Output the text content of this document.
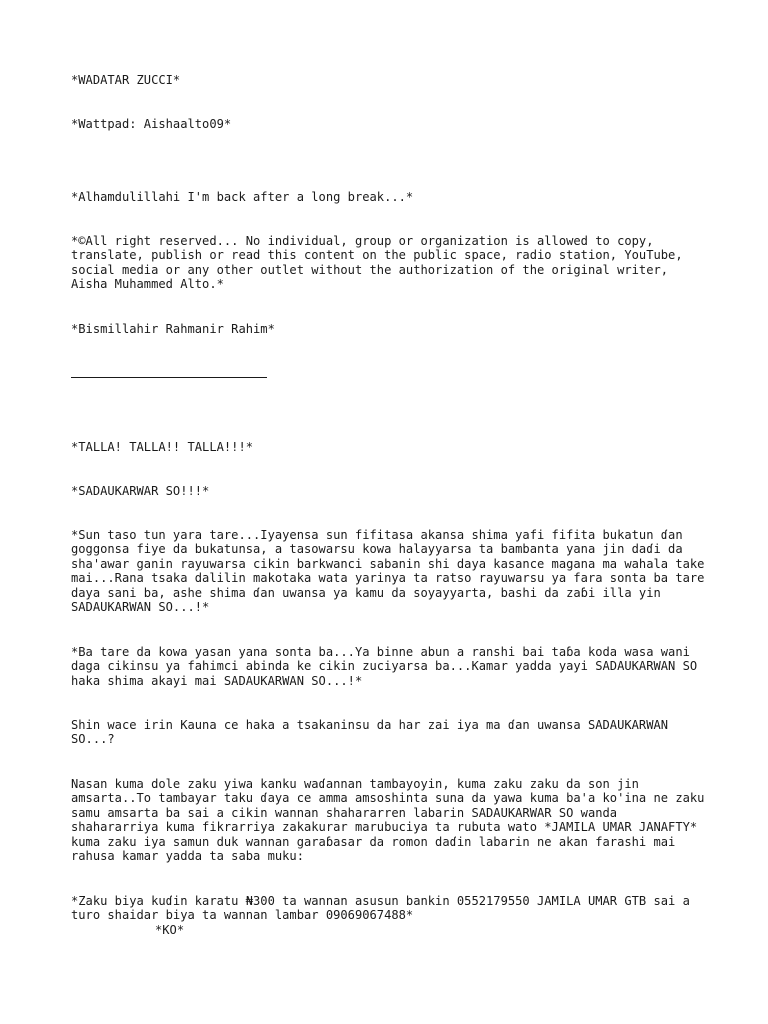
*WADATAR ZUCCI*

*Wattpad: Aishaalto09*

*Alhamdulillahi I'm back after a long break...*

*©All right reserved... No individual, group or organization is allowed to copy, translate, publish or read this content on the public space, radio station, YouTube, social media or any other outlet without the authorization of the original writer, Aisha Muhammed Alto.*

*Bismillahir Rahmanir Rahim*

*TALLA! TALLA!! TALLA!!!*

*SADAUKARWAR SO!!!*

*Sun taso tun yara tare...Iyayensa sun fifitasa akansa shima yafi fifita bukatun ɗan goggonsa fiye da bukatunsa, a tasowarsu kowa halayyarsa ta bambanta yana jin daɗi da sha'awar ganin rayuwarsa cikin barkwanci sabanin shi daya kasance magana ma wahala take mai...Rana tsaka dalilin makotaka wata yarinya ta ratso rayuwarsu ya fara sonta ba tare daya sani ba, ashe shima ɗan uwansa ya kamu da soyayyarta, bashi da zaɓi illa yin SADAUKARWAN SO...!*

*Ba tare da kowa yasan yana sonta ba...Ya binne abun a ranshi bai taɓa koda wasa wani daga cikinsu ya fahimci abinda ke cikin zuciyarsa ba...Kamar yadda yayi SADAUKARWAN SO haka shima akayi mai SADAUKARWAN SO...!*

Shin wace irin Kauna ce haka a tsakaninsu da har zai iya ma ɗan uwansa SADAUKARWAN SO...?

Nasan kuma dole zaku yiwa kanku waɗannan tambayoyin, kuma zaku zaku da son jin amsarta..To tambayar taku ɗaya ce amma amsoshinta suna da yawa kuma ba'a ko'ina ne zaku samu amsarta ba sai a cikin wannan shahararren labarin SADAUKARWAR SO wanda shahararriya kuma fikrarriya zakakurar marubuciya ta rubuta wato *JAMILA UMAR JANAFTY* kuma zaku iya samun duk wannan garaɓasar da romon daɗin labarin ne akan farashi mai rahusa kamar yadda ta saba muku:

*Zaku biya kuɗin karatu ₦300 ta wannan asusun bankin 0552179550 JAMILA UMAR GTB sai a turo shaidar biya ta wannan lambar 09069067488*

*KO*
